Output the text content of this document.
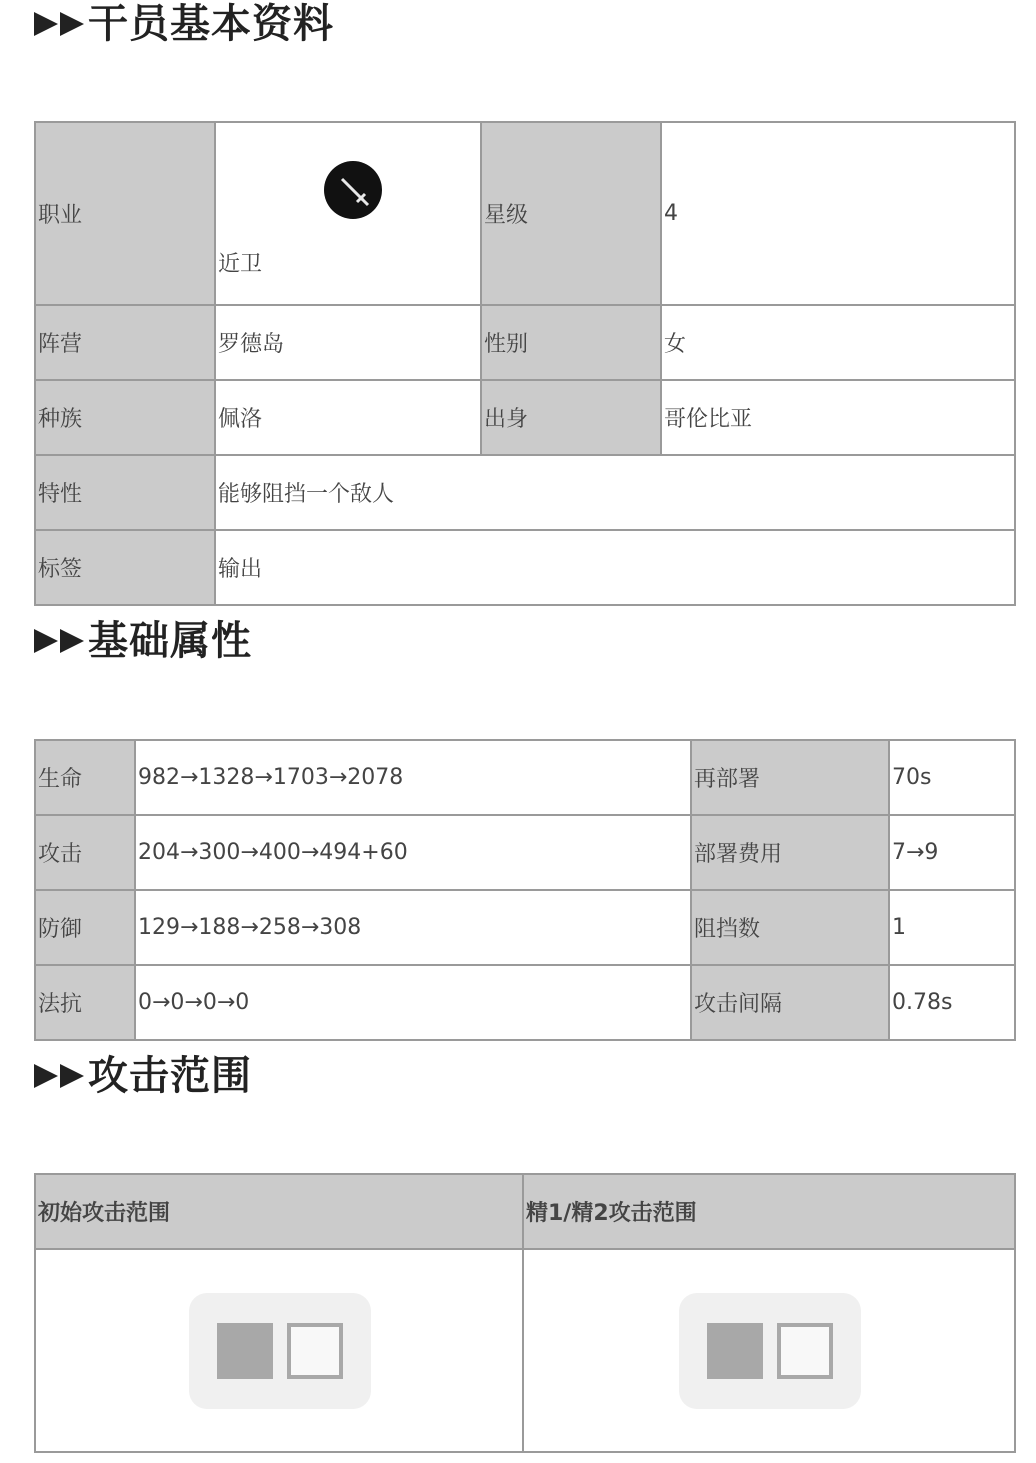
干员基本资料
职业	近卫	星级	4
阵营	罗德岛	性别	女
种族	佩洛	出身	哥伦比亚
特性	能够阻挡一个敌人		
标签	输出		
基础属性
生命	982→1328→1703→2078	再部署	70s
攻击	204→300→400→494+60	部署费用	7→9
防御	129→188→258→308	阻挡数	1
法抗	0→0→0→0	攻击间隔	0.78s
攻击范围
初始攻击范围	精1/精2攻击范围
